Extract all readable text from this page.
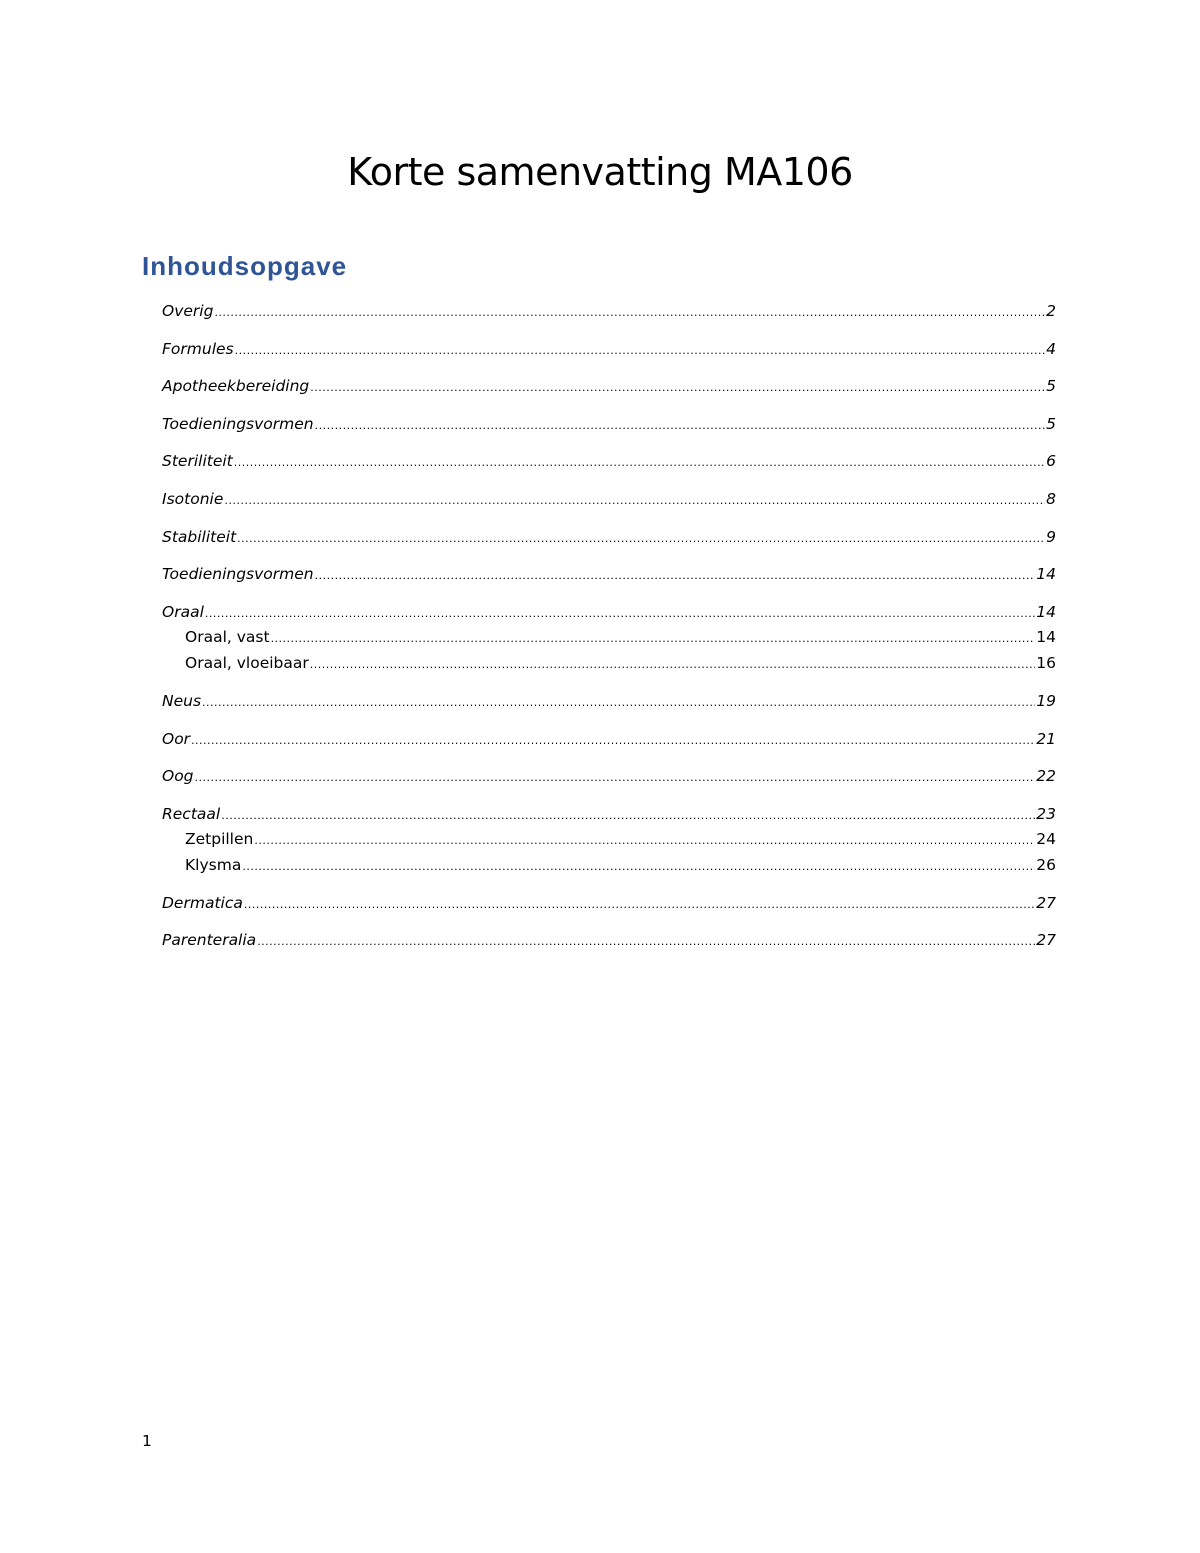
Korte samenvatting MA106
Inhoudsopgave
Overig .....	2
Formules .....	4
Apotheekbereiding .....	5
Toedieningsvormen .....	5
Steriliteit .....	6
Isotonie .....	8
Stabiliteit .....	9
Toedieningsvormen .....	14
Oraal .....	14
Oraal, vast .....	14
Oraal, vloeibaar .....	16
Neus .....	19
Oor .....	21
Oog .....	22
Rectaal .....	23
Zetpillen .....	24
Klysma .....	26
Dermatica .....	27
Parenteralia .....	27
1
